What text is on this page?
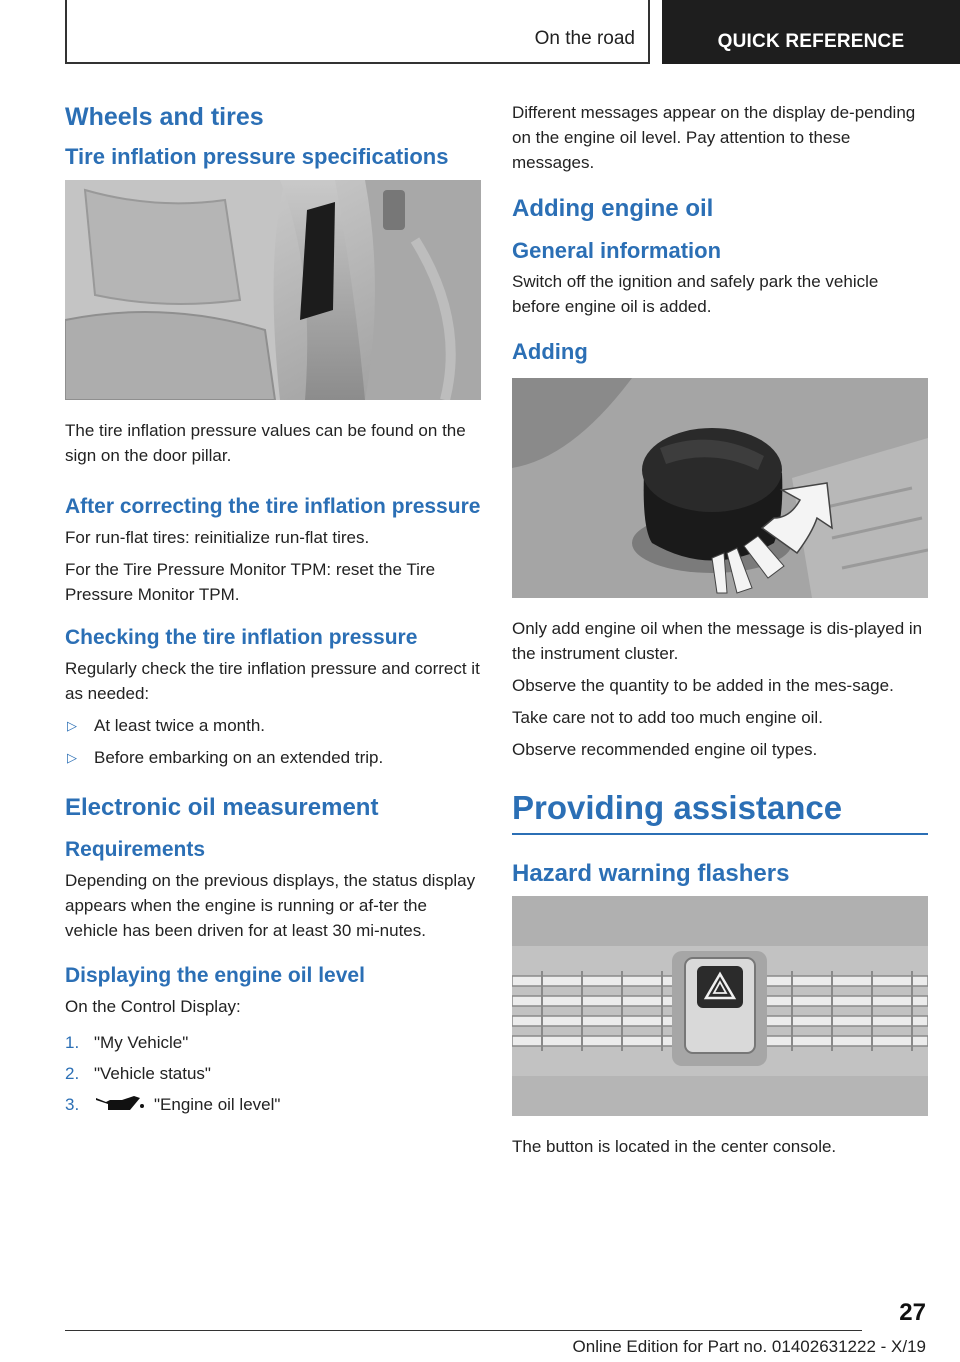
On the road	QUICK REFERENCE
Wheels and tires
Tire inflation pressure specifications

The tire inflation pressure values can be found on the sign on the door pillar.

After correcting the tire inflation pressure

For run-flat tires: reinitialize run-flat tires.

For the Tire Pressure Monitor TPM: reset the Tire Pressure Monitor TPM.

Checking the tire inflation pressure

Regularly check the tire inflation pressure and correct it as needed:

▷	At least twice a month.
▷	Before embarking on an extended trip.
Electronic oil measurement
Requirements

Depending on the previous displays, the status display appears when the engine is running or af-ter the vehicle has been driven for at least 30 mi-nutes.

Displaying the engine oil level

On the Control Display:

1. "My Vehicle"
2. "Vehicle status"
3.	"Engine oil level"

Different messages appear on the display de-pending on the engine oil level. Pay attention to these messages.

Adding engine oil
General information

Switch off the ignition and safely park the vehicle before engine oil is added.

Adding

Only add engine oil when the message is dis-played in the instrument cluster.

Observe the quantity to be added in the mes-sage.

Take care not to add too much engine oil.

Observe recommended engine oil types.

Providing assistance
Hazard warning flashers

The button is located in the center console.

27
Online Edition for Part no. 01402631222 - X/19
